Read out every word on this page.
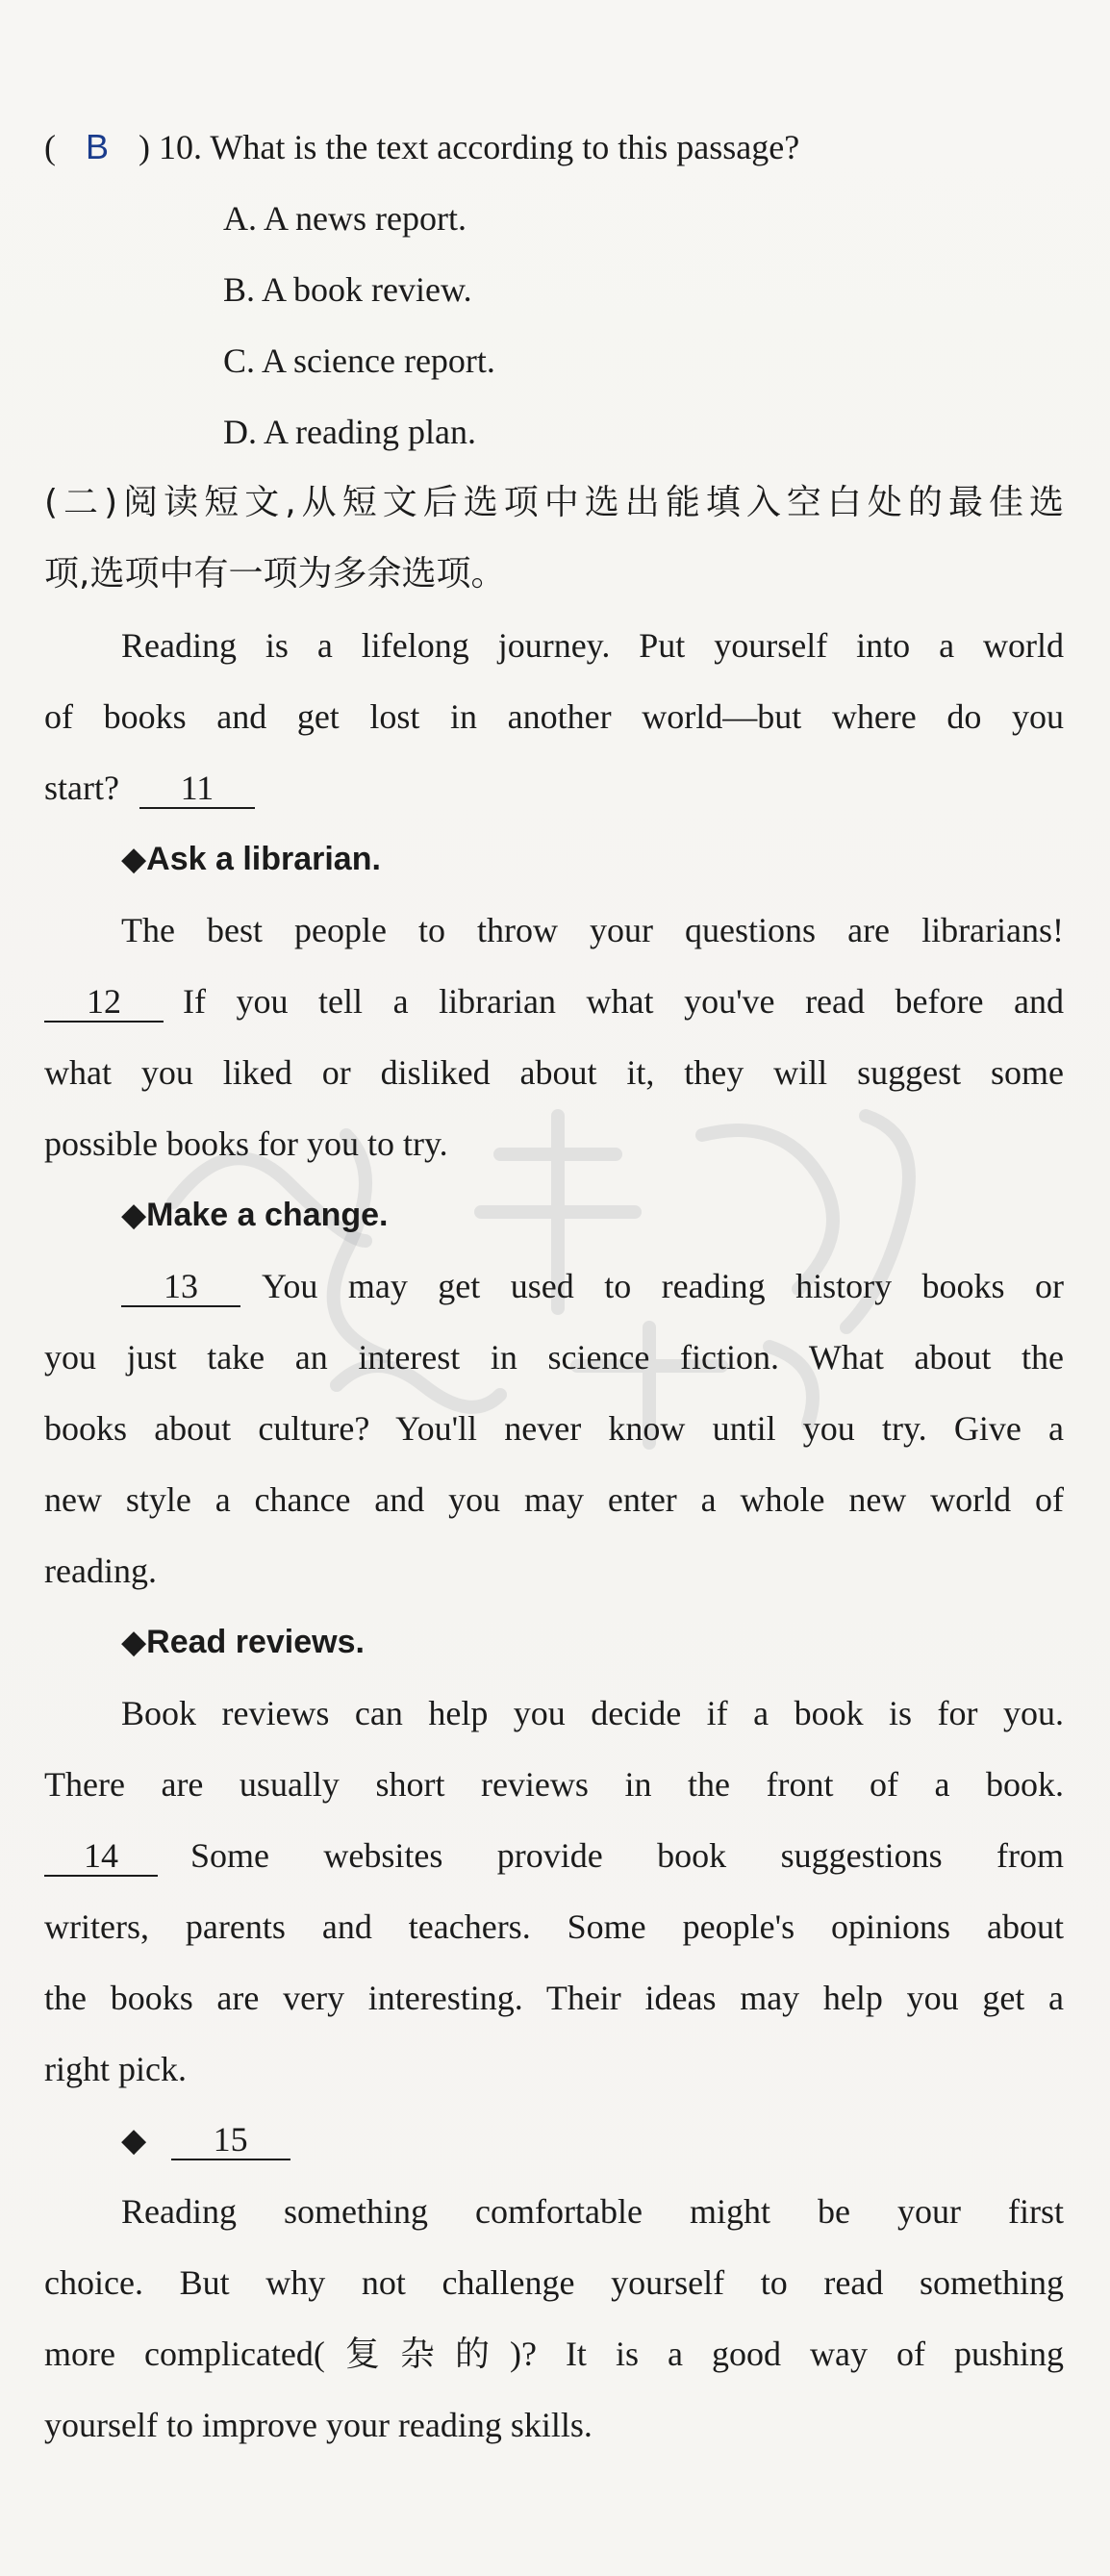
( B ) 10. What is the text according to this passage?
A. A news report.
B. A book review.
C. A science report.
D. A reading plan.
(二)阅读短文,从短文后选项中选出能填入空白处的最佳选
项,选项中有一项为多余选项。
Reading is a lifelong journey. Put yourself into a world
of books and get lost in another world—but where do you
start? 11
◆Ask a librarian.
The best people to throw your questions are librarians!
12	If you tell a librarian what you've read before and
what you liked or disliked about it, they will suggest some
possible books for you to try.
◆Make a change.
13	You may get used to reading history books or
you just take an interest in science fiction. What about the
books about culture? You'll never know until you try. Give a
new style a chance and you may enter a whole new world of
reading.
◆Read reviews.
Book reviews can help you decide if a book is for you.
There are usually short reviews in the front of a book.
14	Some websites provide book suggestions from
writers, parents and teachers. Some people's opinions about
the books are very interesting. Their ideas may help you get a
right pick.
◆ 15
Reading something comfortable might be your first
choice. But why not challenge yourself to read something
more complicated(复杂的)? It is a good way of pushing
yourself to improve your reading skills.
